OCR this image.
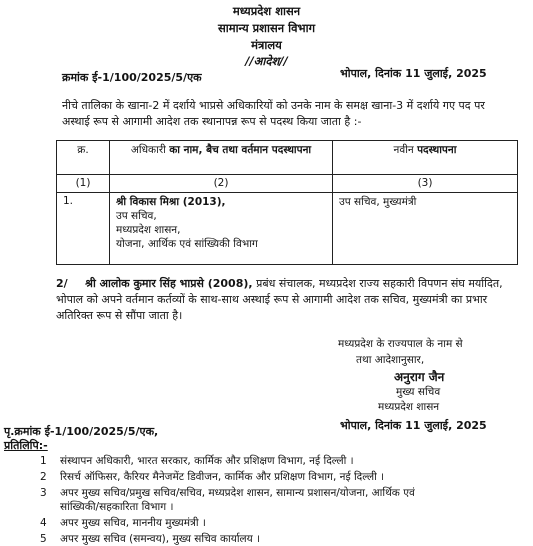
मध्यप्रदेश शासन
सामान्य प्रशासन विभाग
मंत्रालय
//आदेश//
क्रमांक ई-1/100/2025/5/एक	भोपाल, दिनांक 11 जुलाई, 2025
नीचे तालिका के खाना-2 में दर्शाये भाप्रसे अधिकारियों को उनके नाम के समक्ष खाना-3 में दर्शाये गए पद पर अस्थाई रूप से आगामी आदेश तक स्थानापन्न रूप से पदस्थ किया जाता है :-
क्र.	अधिकारी का नाम, बैच तथा वर्तमान पदस्थापना	नवीन पदस्थापना
(1)	(2)	(3)
1.	श्री विकास मिश्रा (2013),
उप सचिव,
मध्यप्रदेश शासन,
योजना, आर्थिक एवं सांख्यिकी विभाग	उप सचिव, मुख्यमंत्री
2/ श्री आलोक कुमार सिंह भाप्रसे (2008), प्रबंध संचालक, मध्यप्रदेश राज्य सहकारी विपणन संघ मर्यादित, भोपाल को अपने वर्तमान कर्तव्यों के साथ-साथ अस्थाई रूप से आगामी आदेश तक सचिव, मुख्यमंत्री का प्रभार अतिरिक्त रूप से सौंपा जाता है।
मध्यप्रदेश के राज्यपाल के नाम से
तथा आदेशानुसार,
अनुराग जैन
मुख्य सचिव
मध्यप्रदेश शासन
पृ.क्रमांक ई-1/100/2025/5/एक,	भोपाल, दिनांक 11 जुलाई, 2025
प्रतिलिपि:-
1 संस्थापन अधिकारी, भारत सरकार, कार्मिक और प्रशिक्षण विभाग, नई दिल्ली ।
2 रिसर्च ऑफिसर, कैरियर मैनेजमेंट डिवीजन, कार्मिक और प्रशिक्षण विभाग, नई दिल्ली ।
3 अपर मुख्य सचिव/प्रमुख सचिव/सचिव, मध्यप्रदेश शासन, सामान्य प्रशासन/योजना, आर्थिक एवं
सांख्यिकी/सहकारिता विभाग ।
4 अपर मुख्य सचिव, माननीय मुख्यमंत्री ।
5 अपर मुख्य सचिव (समन्वय), मुख्य सचिव कार्यालय ।
